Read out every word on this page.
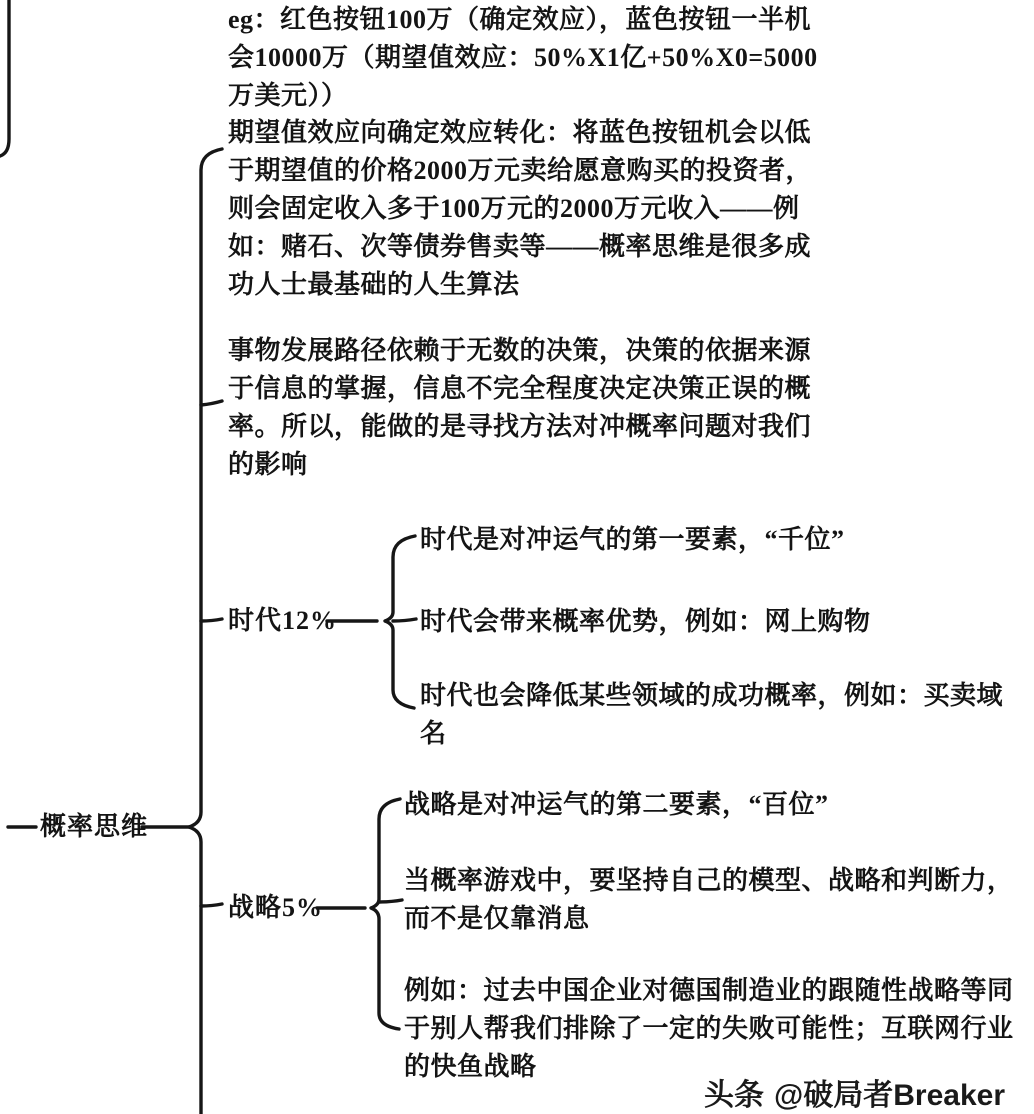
eg：红色按钮100万（确定效应），蓝色按钮一半机会10000万（期望值效应：50%X1亿+50%X0=5000万美元））
期望值效应向确定效应转化：将蓝色按钮机会以低于期望值的价格2000万元卖给愿意购买的投资者，则会固定收入多于100万元的2000万元收入——例如：赌石、次等债券售卖等——概率思维是很多成功人士最基础的人生算法
事物发展路径依赖于无数的决策，决策的依据来源于信息的掌握，信息不完全程度决定决策正误的概率。所以，能做的是寻找方法对冲概率问题对我们的影响
概率思维
时代12%
战略5%
时代是对冲运气的第一要素，“千位”
时代会带来概率优势，例如：网上购物
时代也会降低某些领域的成功概率，例如：买卖域名
战略是对冲运气的第二要素，“百位”
当概率游戏中，要坚持自己的模型、战略和判断力，而不是仅靠消息
例如：过去中国企业对德国制造业的跟随性战略等同于别人帮我们排除了一定的失败可能性；互联网行业的快鱼战略
头条 @破局者Breaker
